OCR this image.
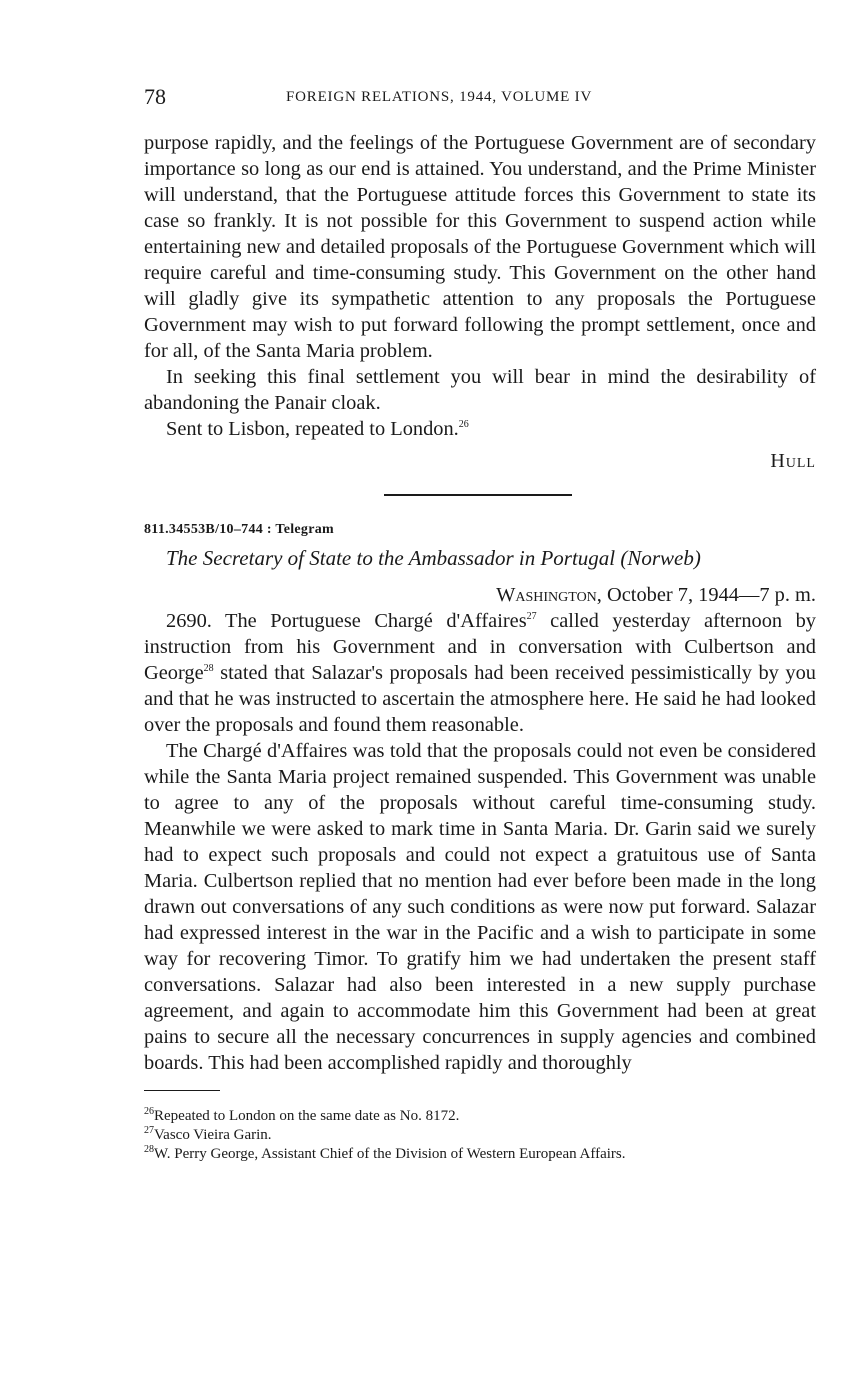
78	FOREIGN RELATIONS, 1944, VOLUME IV

purpose rapidly, and the feelings of the Portuguese Government are of secondary importance so long as our end is attained. You understand, and the Prime Minister will understand, that the Portuguese attitude forces this Government to state its case so frankly. It is not possible for this Government to suspend action while entertaining new and detailed proposals of the Portuguese Government which will require careful and time-consuming study. This Government on the other hand will gladly give its sympathetic attention to any proposals the Portuguese Government may wish to put forward following the prompt settlement, once and for all, of the Santa Maria problem.

In seeking this final settlement you will bear in mind the desirability of abandoning the Panair cloak.

Sent to Lisbon, repeated to London.$^{26}$

Hull
811.34553B/10–744 : Telegram
The Secretary of State to the Ambassador in Portugal (Norweb)
Washington, October 7, 1944—7 p. m.

2690. The Portuguese Chargé d'Affaires$^{27}$ called yesterday afternoon by instruction from his Government and in conversation with Culbertson and George$^{28}$ stated that Salazar's proposals had been received pessimistically by you and that he was instructed to ascertain the atmosphere here. He said he had looked over the proposals and found them reasonable.

The Chargé d'Affaires was told that the proposals could not even be considered while the Santa Maria project remained suspended. This Government was unable to agree to any of the proposals without careful time-consuming study. Meanwhile we were asked to mark time in Santa Maria. Dr. Garin said we surely had to expect such proposals and could not expect a gratuitous use of Santa Maria. Culbertson replied that no mention had ever before been made in the long drawn out conversations of any such conditions as were now put forward. Salazar had expressed interest in the war in the Pacific and a wish to participate in some way for recovering Timor. To gratify him we had undertaken the present staff conversations. Salazar had also been interested in a new supply purchase agreement, and again to accommodate him this Government had been at great pains to secure all the necessary concurrences in supply agencies and combined boards. This had been accomplished rapidly and thoroughly

$^{26}$Repeated to London on the same date as No. 8172.

$^{27}$Vasco Vieira Garin.

$^{28}$W. Perry George, Assistant Chief of the Division of Western European Affairs.
